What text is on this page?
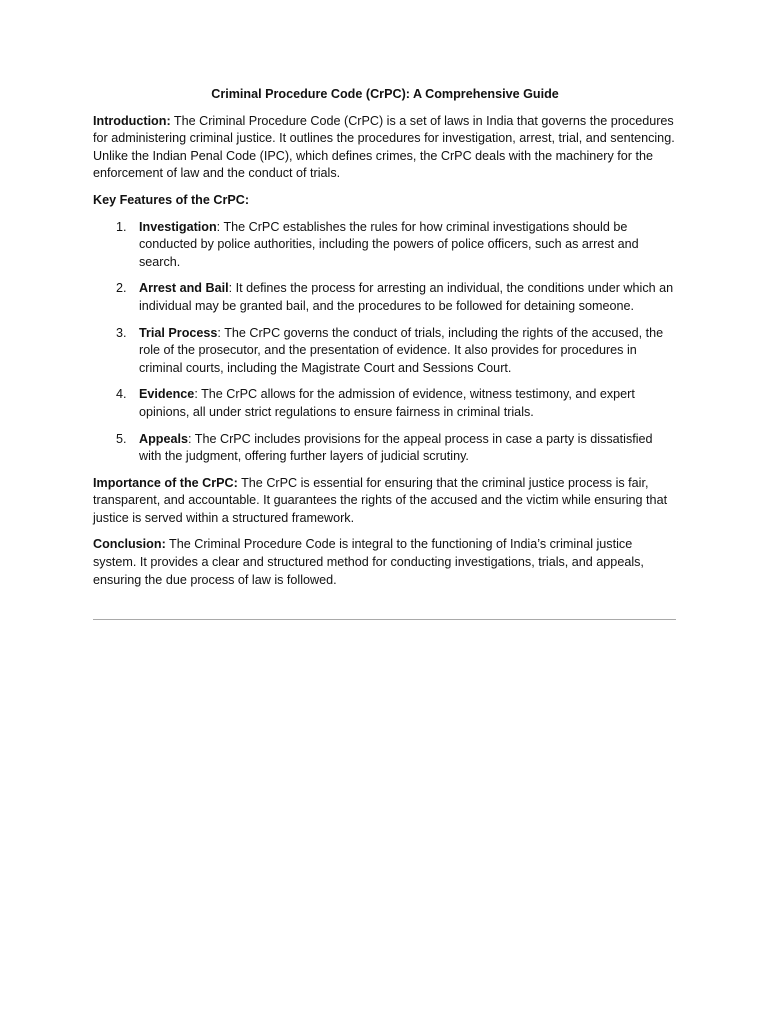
Criminal Procedure Code (CrPC): A Comprehensive Guide

Introduction: The Criminal Procedure Code (CrPC) is a set of laws in India that governs the procedures for administering criminal justice. It outlines the procedures for investigation, arrest, trial, and sentencing. Unlike the Indian Penal Code (IPC), which defines crimes, the CrPC deals with the machinery for the enforcement of law and the conduct of trials.

Key Features of the CrPC:
1. Investigation: The CrPC establishes the rules for how criminal investigations should be conducted by police authorities, including the powers of police officers, such as arrest and search.
2. Arrest and Bail: It defines the process for arresting an individual, the conditions under which an individual may be granted bail, and the procedures to be followed for detaining someone.
3. Trial Process: The CrPC governs the conduct of trials, including the rights of the accused, the role of the prosecutor, and the presentation of evidence. It also provides for procedures in criminal courts, including the Magistrate Court and Sessions Court.
4. Evidence: The CrPC allows for the admission of evidence, witness testimony, and expert opinions, all under strict regulations to ensure fairness in criminal trials.
5. Appeals: The CrPC includes provisions for the appeal process in case a party is dissatisfied with the judgment, offering further layers of judicial scrutiny.

Importance of the CrPC: The CrPC is essential for ensuring that the criminal justice process is fair, transparent, and accountable. It guarantees the rights of the accused and the victim while ensuring that justice is served within a structured framework.

Conclusion: The Criminal Procedure Code is integral to the functioning of India’s criminal justice system. It provides a clear and structured method for conducting investigations, trials, and appeals, ensuring the due process of law is followed.
